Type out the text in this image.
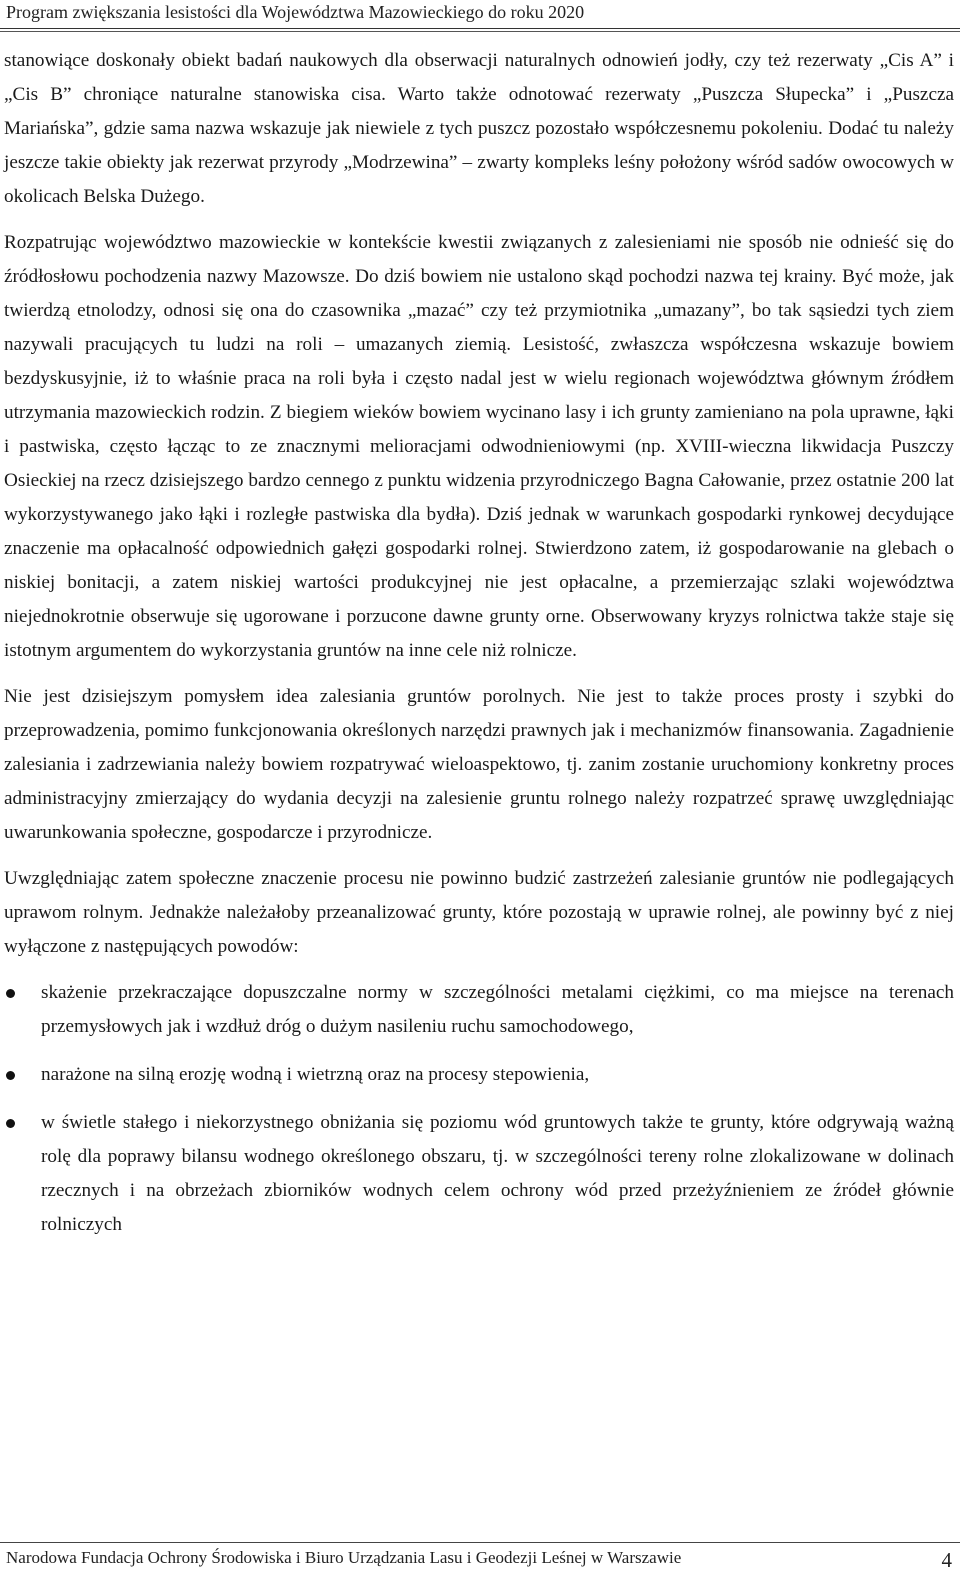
Program zwiększania lesistości dla Województwa Mazowieckiego do roku 2020

stanowiące doskonały obiekt badań naukowych dla obserwacji naturalnych odnowień jodły, czy też rezerwaty „Cis A” i „Cis B” chroniące naturalne stanowiska cisa. Warto także odnotować rezerwaty „Puszcza Słupecka” i „Puszcza Mariańska”, gdzie sama nazwa wskazuje jak niewiele z tych puszcz pozostało współczesnemu pokoleniu. Dodać tu należy jeszcze takie obiekty jak rezerwat przyrody „Modrzewina” – zwarty kompleks leśny położony wśród sadów owocowych w okolicach Belska Dużego.

Rozpatrując województwo mazowieckie w kontekście kwestii związanych z zalesieniami nie sposób nie odnieść się do źródłosłowu pochodzenia nazwy Mazowsze. Do dziś bowiem nie ustalono skąd pochodzi nazwa tej krainy. Być może, jak twierdzą etnolodzy, odnosi się ona do czasownika „mazać” czy też przymiotnika „umazany”, bo tak sąsiedzi tych ziem nazywali pracujących tu ludzi na roli – umazanych ziemią. Lesistość, zwłaszcza współczesna wskazuje bowiem bezdyskusyjnie, iż to właśnie praca na roli była i często nadal jest w wielu regionach województwa głównym źródłem utrzymania mazowieckich rodzin. Z biegiem wieków bowiem wycinano lasy i ich grunty zamieniano na pola uprawne, łąki i pastwiska, często łącząc to ze znacznymi melioracjami odwodnieniowymi (np. XVIII-wieczna likwidacja Puszczy Osieckiej na rzecz dzisiejszego bardzo cennego z punktu widzenia przyrodniczego Bagna Całowanie, przez ostatnie 200 lat wykorzystywanego jako łąki i rozległe pastwiska dla bydła). Dziś jednak w warunkach gospodarki rynkowej decydujące znaczenie ma opłacalność odpowiednich gałęzi gospodarki rolnej. Stwierdzono zatem, iż gospodarowanie na glebach o niskiej bonitacji, a zatem niskiej wartości produkcyjnej nie jest opłacalne, a przemierzając szlaki województwa niejednokrotnie obserwuje się ugorowane i porzucone dawne grunty orne. Obserwowany kryzys rolnictwa także staje się istotnym argumentem do wykorzystania gruntów na inne cele niż rolnicze.

Nie jest dzisiejszym pomysłem idea zalesiania gruntów porolnych. Nie jest to także proces prosty i szybki do przeprowadzenia, pomimo funkcjonowania określonych narzędzi prawnych jak i mechanizmów finansowania. Zagadnienie zalesiania i zadrzewiania należy bowiem rozpatrywać wieloaspektowo, tj. zanim zostanie uruchomiony konkretny proces administracyjny zmierzający do wydania decyzji na zalesienie gruntu rolnego należy rozpatrzeć sprawę uwzględniając uwarunkowania społeczne, gospodarcze i przyrodnicze.

Uwzględniając zatem społeczne znaczenie procesu nie powinno budzić zastrzeżeń zalesianie gruntów nie podlegających uprawom rolnym. Jednakże należałoby przeanalizować grunty, które pozostają w uprawie rolnej, ale powinny być z niej wyłączone z następujących powodów:

skażenie przekraczające dopuszczalne normy w szczególności metalami ciężkimi, co ma miejsce na terenach przemysłowych jak i wzdłuż dróg o dużym nasileniu ruchu samochodowego,
narażone na silną erozję wodną i wietrzną oraz na procesy stepowienia,
w świetle stałego i niekorzystnego obniżania się poziomu wód gruntowych także te grunty, które odgrywają ważną rolę dla poprawy bilansu wodnego określonego obszaru, tj. w szczególności tereny rolne zlokalizowane w dolinach rzecznych i na obrzeżach zbiorników wodnych celem ochrony wód przed przeżyźnieniem ze źródeł głównie rolniczych
Narodowa Fundacja Ochrony Środowiska i Biuro Urządzania Lasu i Geodezji Leśnej w Warszawie	4
